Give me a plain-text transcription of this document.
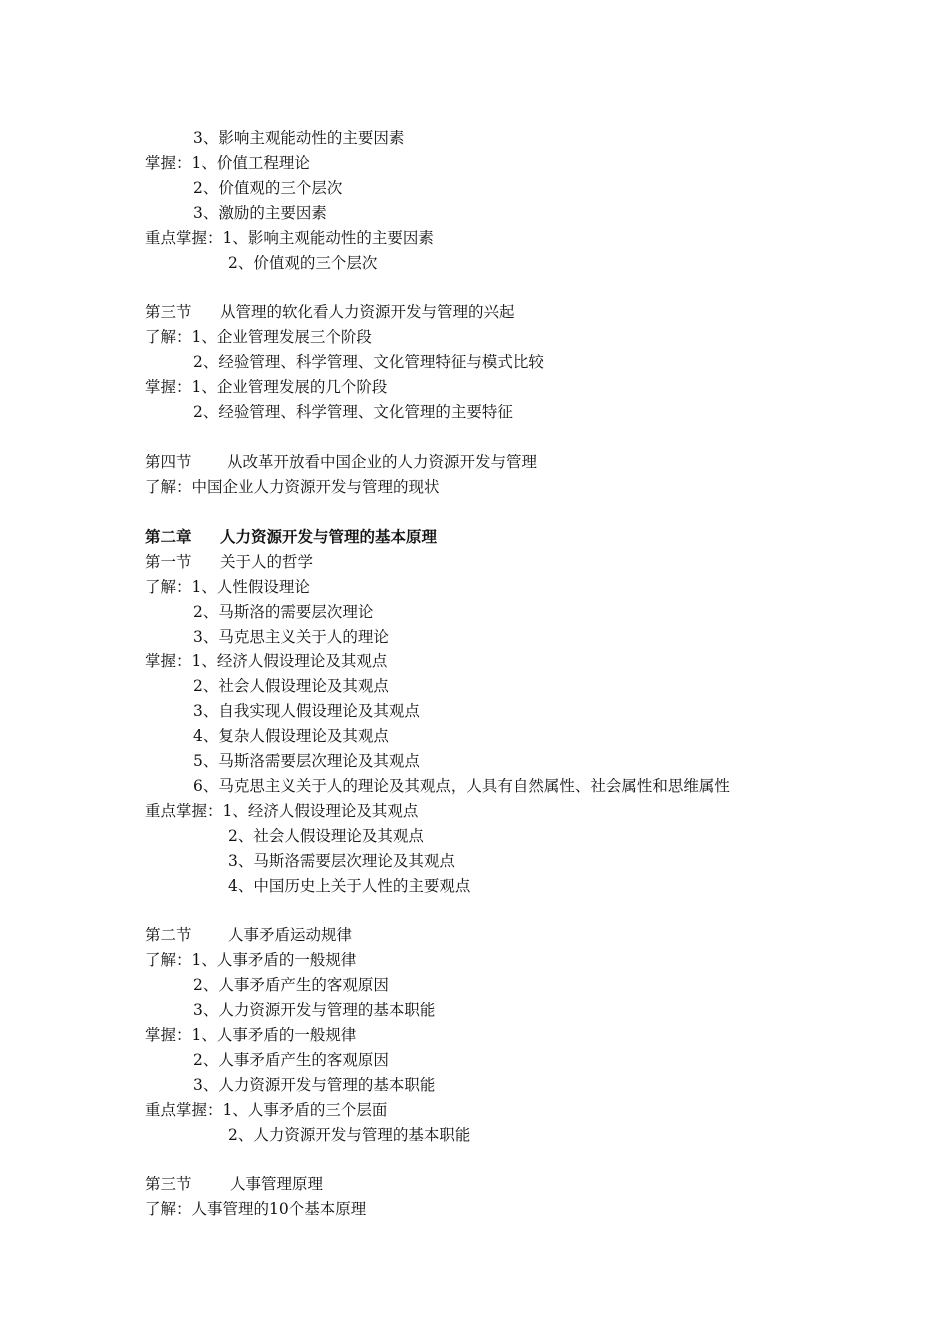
3、影响主观能动性的主要因素
掌握：1、价值工程理论
2、价值观的三个层次
3、激励的主要因素
重点掌握：1、影响主观能动性的主要因素
2、价值观的三个层次
第三节 从管理的软化看人力资源开发与管理的兴起
了解：1、企业管理发展三个阶段
2、经验管理、科学管理、文化管理特征与模式比较
掌握：1、企业管理发展的几个阶段
2、经验管理、科学管理、文化管理的主要特征
第四节 从改革开放看中国企业的人力资源开发与管理
了解：中国企业人力资源开发与管理的现状
第二章 人力资源开发与管理的基本原理
第一节 关于人的哲学
了解：1、人性假设理论
2、马斯洛的需要层次理论
3、马克思主义关于人的理论
掌握：1、经济人假设理论及其观点
2、社会人假设理论及其观点
3、自我实现人假设理论及其观点
4、复杂人假设理论及其观点
5、马斯洛需要层次理论及其观点
6、马克思主义关于人的理论及其观点，人具有自然属性、社会属性和思维属性
重点掌握：1、经济人假设理论及其观点
2、社会人假设理论及其观点
3、马斯洛需要层次理论及其观点
4、中国历史上关于人性的主要观点
第二节 人事矛盾运动规律
了解：1、人事矛盾的一般规律
2、人事矛盾产生的客观原因
3、人力资源开发与管理的基本职能
掌握：1、人事矛盾的一般规律
2、人事矛盾产生的客观原因
3、人力资源开发与管理的基本职能
重点掌握：1、人事矛盾的三个层面
2、人力资源开发与管理的基本职能
第三节 人事管理原理
了解：人事管理的10个基本原理
